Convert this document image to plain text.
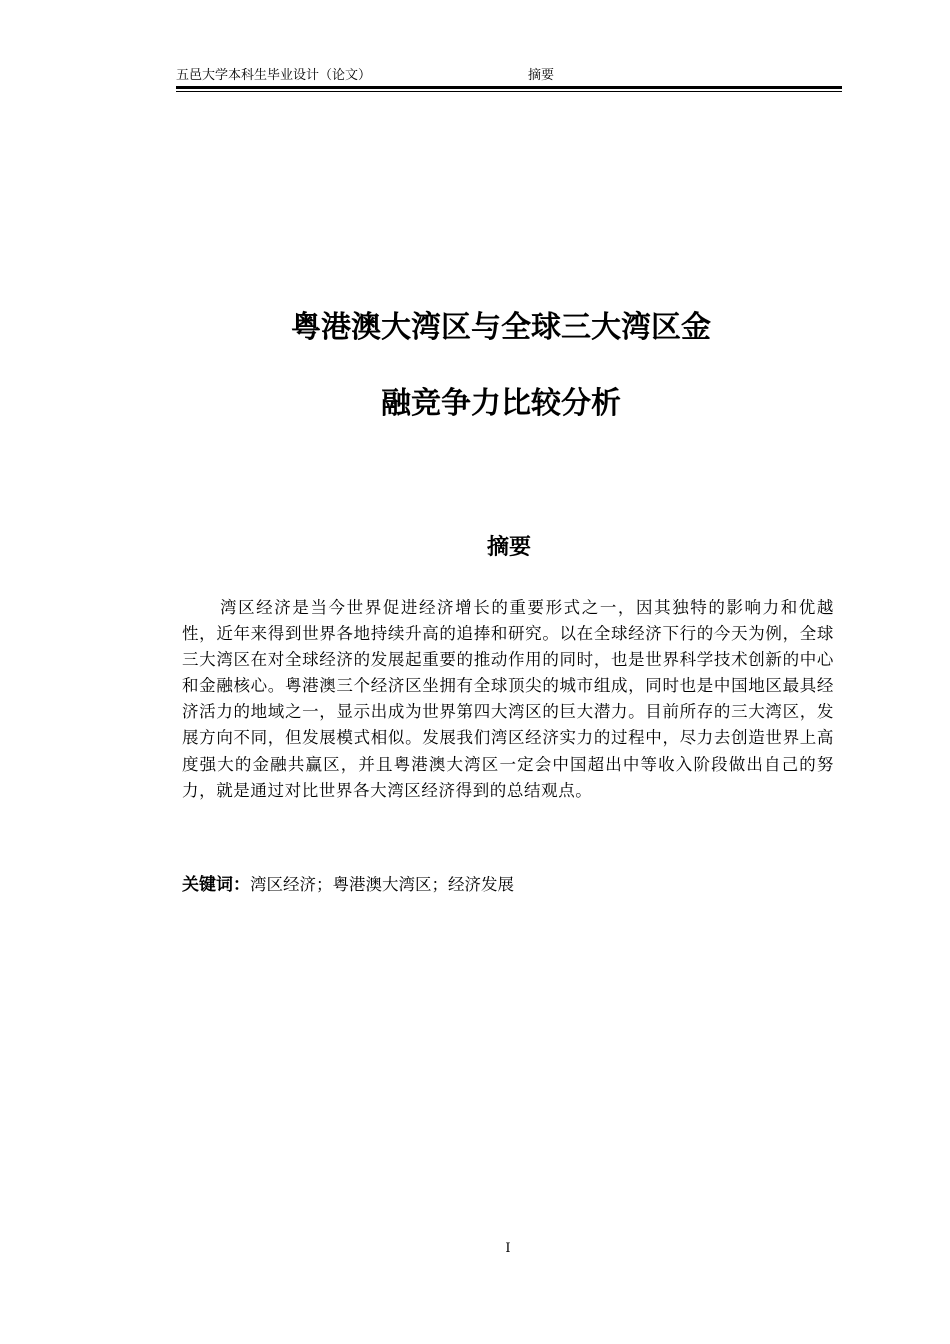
五邑大学本科生毕业设计（论文）	摘要
粤港澳大湾区与全球三大湾区金
融竞争力比较分析
摘要
湾区经济是当今世界促进经济增长的重要形式之一，因其独特的影响力和优越性，近年来得到世界各地持续升高的追捧和研究。以在全球经济下行的今天为例，全球三大湾区在对全球经济的发展起重要的推动作用的同时，也是世界科学技术创新的中心和金融核心。粤港澳三个经济区坐拥有全球顶尖的城市组成，同时也是中国地区最具经济活力的地域之一，显示出成为世界第四大湾区的巨大潜力。目前所存的三大湾区，发展方向不同，但发展模式相似。发展我们湾区经济实力的过程中，尽力去创造世界上高度强大的金融共赢区，并且粤港澳大湾区一定会中国超出中等收入阶段做出自己的努力，就是通过对比世界各大湾区经济得到的总结观点。
关键词：湾区经济；粤港澳大湾区；经济发展
I
